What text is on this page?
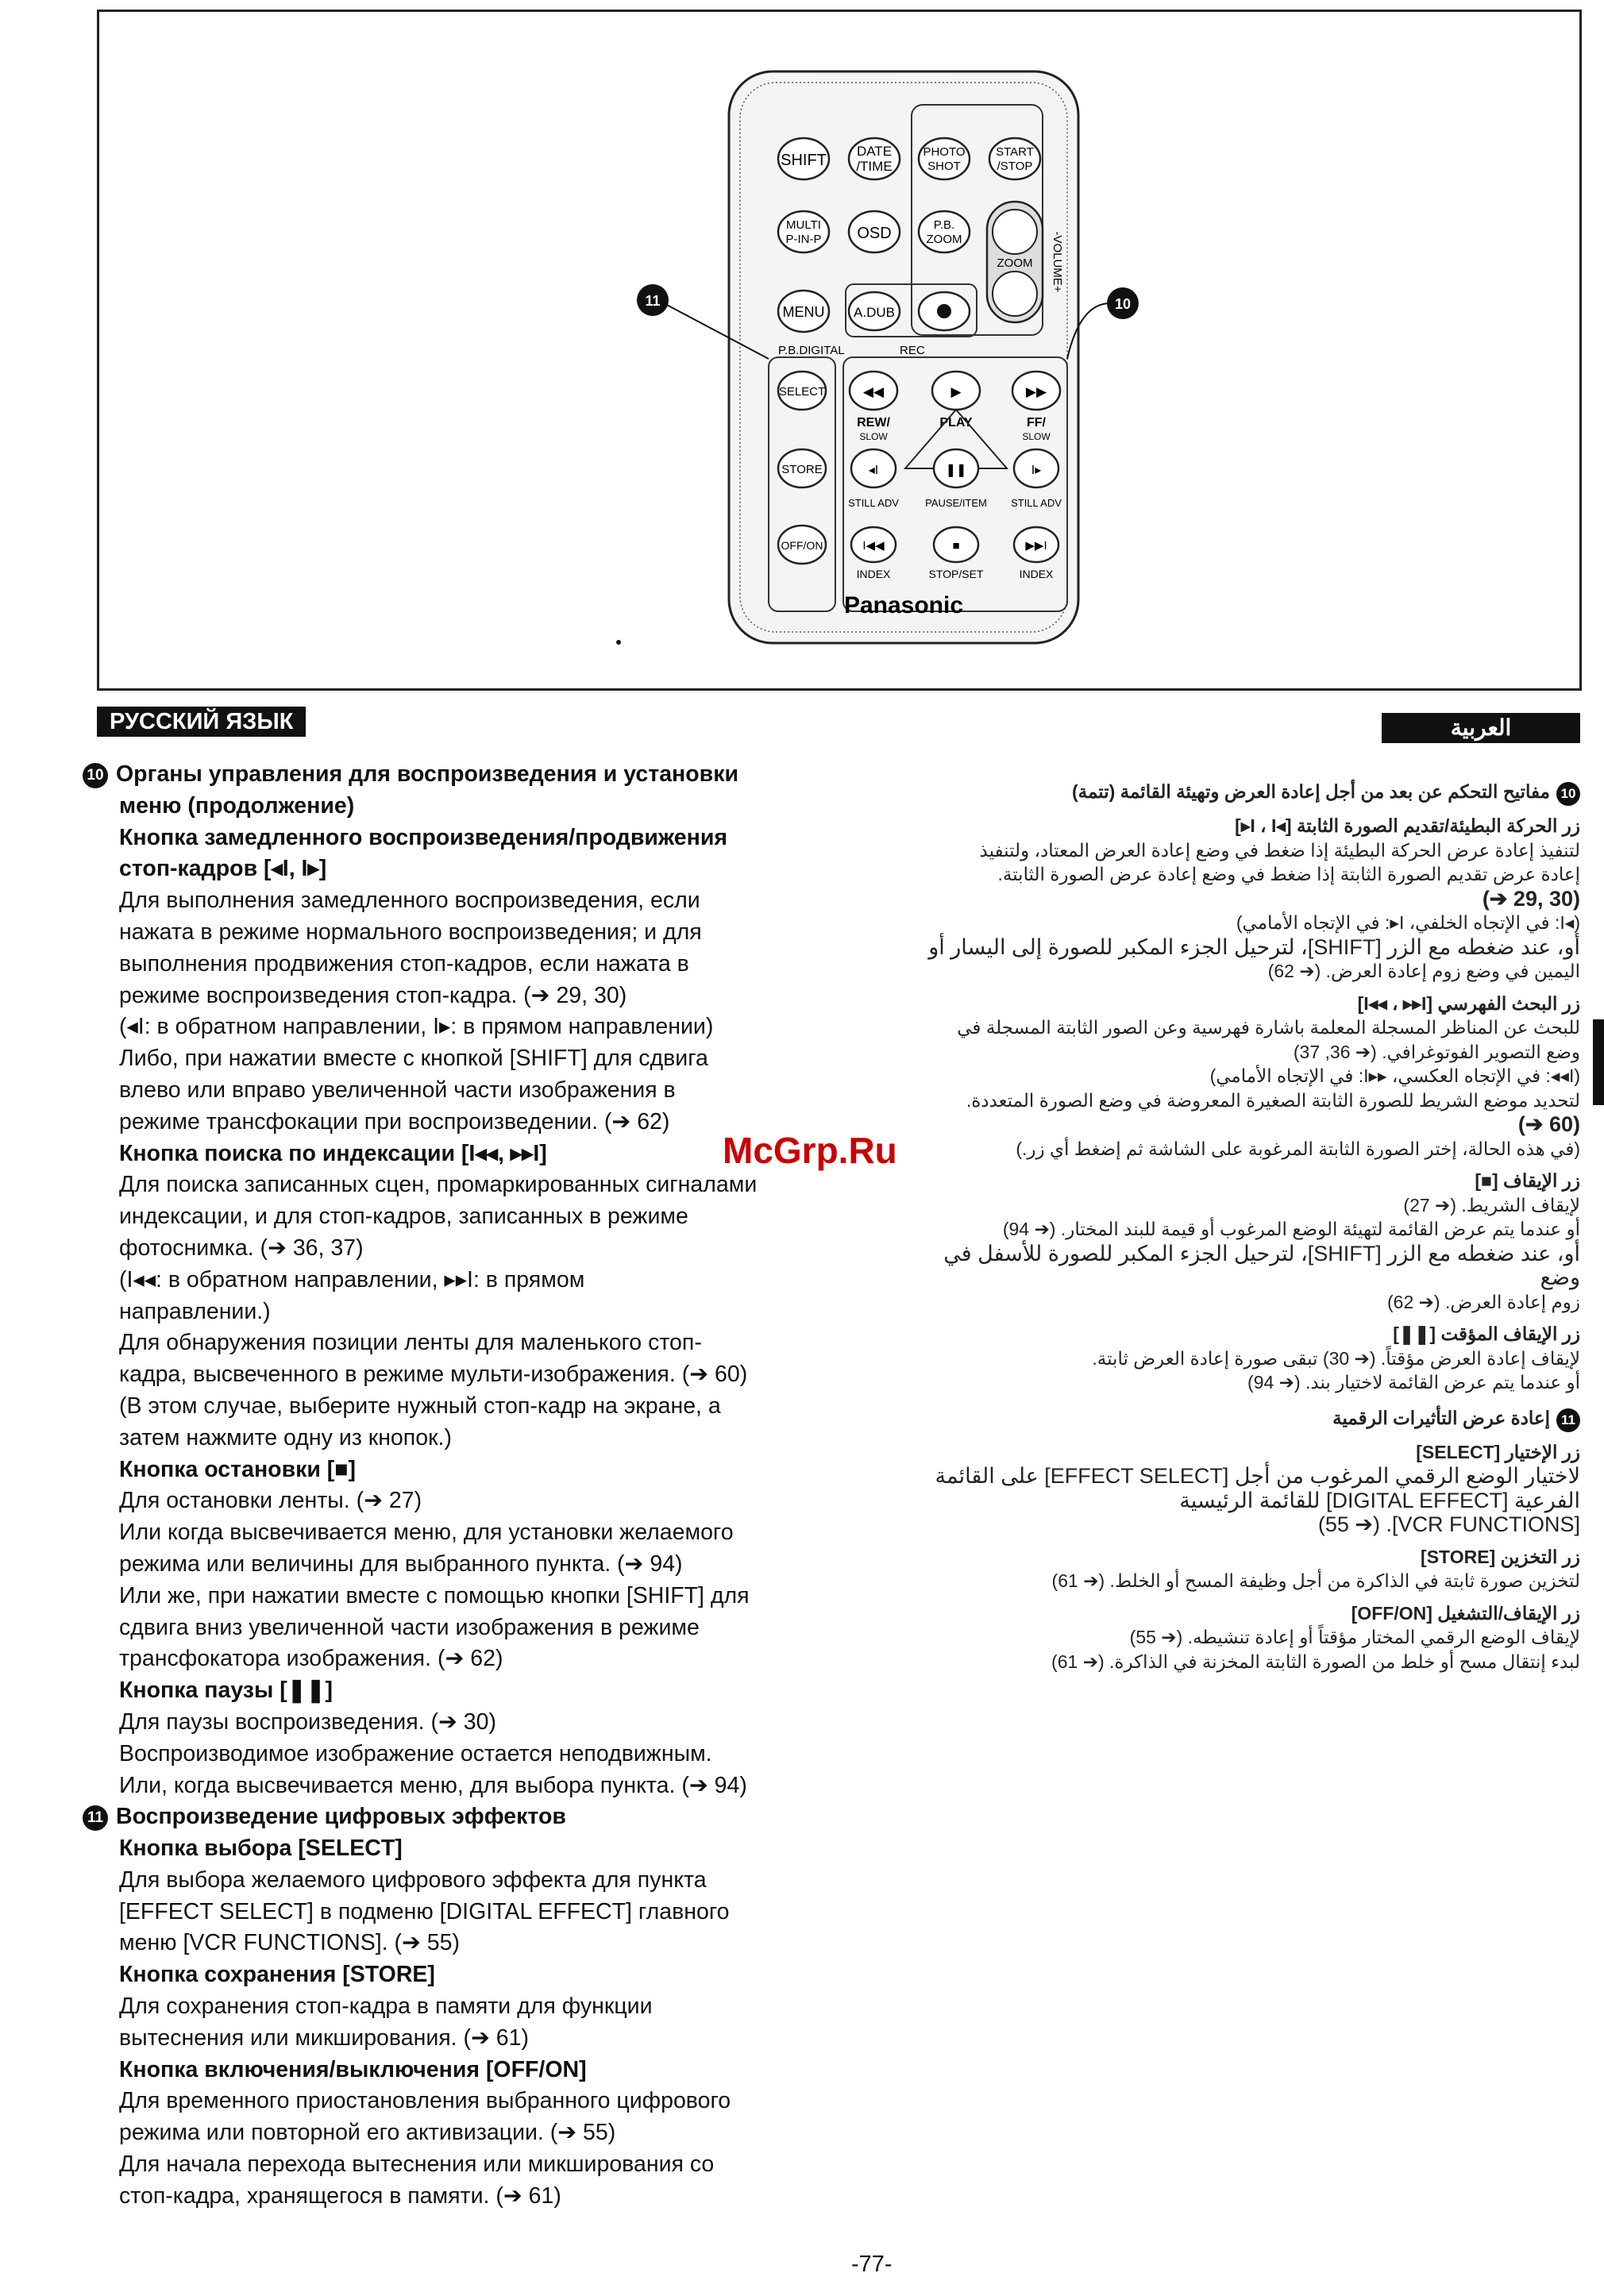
SHIFT
DATE
/TIME
PHOTO
SHOT
START
/STOP
MULTI
P-IN-P OSD	P.B.
ZOOM
ZOOM -VOLUME+
MENU A.DUB
P.B.DIGITAL	REC
SELECT
STORE
OFF/ON
◀◀
REW/
SLOW
▶
PLAY
▶▶
FF/
SLOW
◂I	❚❚	I▸
STILL ADV	PAUSE/ITEM STILL ADV
I◀◀
INDEX
■
STOP/SET
▶▶I
INDEX
Panasonic
11	10
РУССКИЙ ЯЗЫК	العربية

10 Органы управления для воспроизведения и установки

меню (продолжение)

Кнопка замедленного воспроизведения/продвижения

стоп-кадров [◂I, I▸]

Для выполнения замедленного воспроизведения, если

нажата в режиме нормального воспроизведения; и для

выполнения продвижения стоп-кадров, если нажата в

режиме воспроизведения стоп-кадра. (➔ 29, 30)

(◂I: в обратном направлении, I▸: в прямом направлении)

Либо, при нажатии вместе с кнопкой [SHIFT] для сдвига

влево или вправо увеличенной части изображения в

режиме трансфокации при воспроизведении. (➔ 62)

Кнопка поиска по индексации [I◂◂, ▸▸I]

Для поиска записанных сцен, промаркированных сигналами

индексации, и для стоп-кадров, записанных в режиме

фотоснимка. (➔ 36, 37)

(I◂◂: в обратном направлении, ▸▸I: в прямом

направлении.)

Для обнаружения позиции ленты для маленького стоп-

кадра, высвеченного в режиме мульти-изображения. (➔ 60)

(В этом случае, выберите нужный стоп-кадр на экране, а

затем нажмите одну из кнопок.)

Кнопка остановки [■]

Для остановки ленты. (➔ 27)

Или когда высвечивается меню, для установки желаемого

режима или величины для выбранного пункта. (➔ 94)

Или же, при нажатии вместе с помощью кнопки [SHIFT] для

сдвига вниз увеличенной части изображения в режиме

трансфокатора изображения. (➔ 62)

Кнопка паузы [❚❚]

Для паузы воспроизведения. (➔ 30)

Воспроизводимое изображение остается неподвижным.

Или, когда высвечивается меню, для выбора пункта. (➔ 94)

11 Воспроизведение цифровых эффектов

Кнопка выбора [SELECT]

Для выбора желаемого цифрового эффекта для пункта

[EFFECT SELECT] в подменю [DIGITAL EFFECT] главного

меню [VCR FUNCTIONS]. (➔ 55)

Кнопка сохранения [STORE]

Для сохранения стоп-кадра в памяти для функции

вытеснения или микширования. (➔ 61)

Кнопка включения/выключения [OFF/ON]

Для временного приостановления выбранного цифрового

режима или повторной его активизации. (➔ 55)

Для начала перехода вытеснения или микширования со

стоп-кадра, хранящегося в памяти. (➔ 61)

10مفاتيح التحكم عن بعد من أجل إعادة العرض وتهيئة القائمة (تتمة)

زر الحركة البطيئة/تقديم الصورة الثابتة [◂I ، I▸]

لتنفيذ إعادة عرض الحركة البطيئة إذا ضغط في وضع إعادة العرض المعتاد، ولتنفيذ

إعادة عرض تقديم الصورة الثابتة إذا ضغط في وضع إعادة عرض الصورة الثابتة.

(➔ 29, 30)

(◂I: في الإتجاه الخلفي، I▸: في الإتجاه الأمامي)

أو، عند ضغطه مع الزر [SHIFT]، لترحيل الجزء المكبر للصورة إلى اليسار أو

اليمين في وضع زوم إعادة العرض. (➔ 62)

زر البحث الفهرسي [I◂◂ ، ▸▸I]

للبحث عن المناظر المسجلة المعلمة باشارة فهرسية وعن الصور الثابتة المسجلة في

وضع التصوير الفوتوغرافي. (➔ 36, 37)

(I◂◂: في الإتجاه العكسي، ▸▸I: في الإتجاه الأمامي)

لتحديد موضع الشريط للصورة الثابتة الصغيرة المعروضة في وضع الصورة المتعددة.

(➔ 60)

(في هذه الحالة، إختر الصورة الثابتة المرغوبة على الشاشة ثم إضغط أي زر.)

زر الإيقاف [■]

لإيقاف الشريط. (➔ 27)

أو عندما يتم عرض القائمة لتهيئة الوضع المرغوب أو قيمة للبند المختار. (➔ 94)

أو، عند ضغطه مع الزر [SHIFT]، لترحيل الجزء المكبر للصورة للأسفل في وضع

زوم إعادة العرض. (➔ 62)

زر الإيقاف المؤقت [❚❚]

لإيقاف إعادة العرض مؤقتاً. (➔ 30) تبقى صورة إعادة العرض ثابتة.

أو عندما يتم عرض القائمة لاختيار بند. (➔ 94)

11إعادة عرض التأثيرات الرقمية

زر الإختيار [SELECT]

لاختيار الوضع الرقمي المرغوب من أجل [EFFECT SELECT] على القائمة

الفرعية [DIGITAL EFFECT] للقائمة الرئيسية

[VCR FUNCTIONS]. (➔ 55)

زر التخزين [STORE]

لتخزين صورة ثابتة في الذاكرة من أجل وظيفة المسح أو الخلط. (➔ 61)

زر الإيقاف/التشغيل [OFF/ON]

لإيقاف الوضع الرقمي المختار مؤقتاً أو إعادة تنشيطه. (➔ 55)

لبدء إنتقال مسح أو خلط من الصورة الثابتة المخزنة في الذاكرة. (➔ 61)

McGrp.Ru
-77-
